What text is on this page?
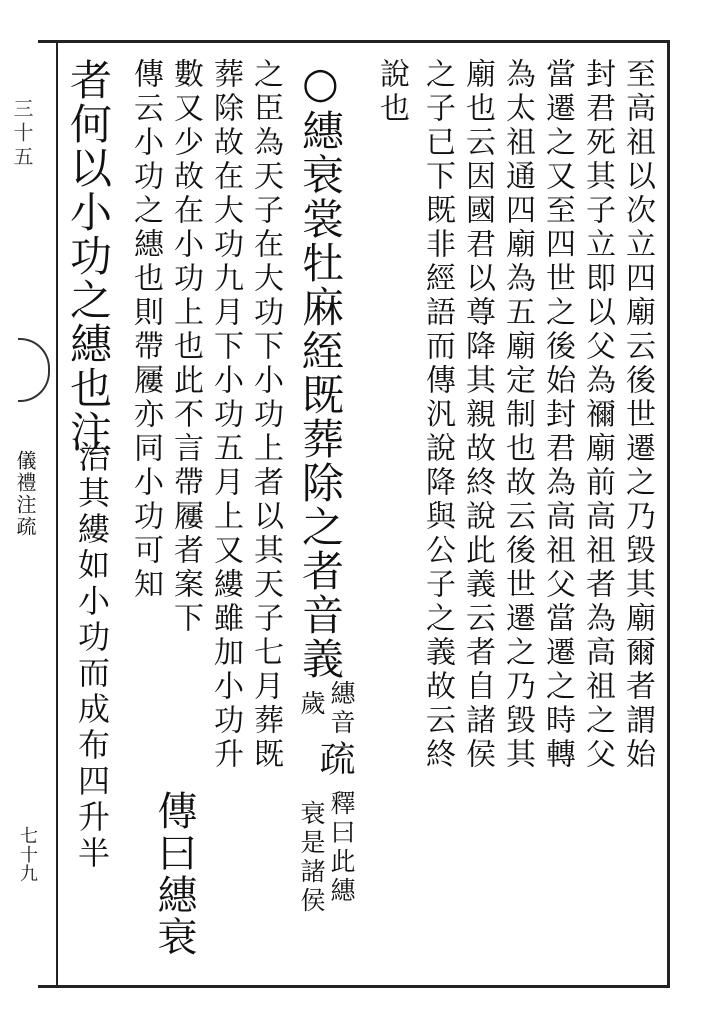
三十五
儀禮注疏
七十九
至高祖以次立四廟云後世遷之乃毀其廟爾者謂始
封君死其子立即以父為禰廟前高祖者為高祖之父
當遷之又至四世之後始封君為高祖父當遷之時轉
為太祖通四廟為五廟定制也故云後世遷之乃毀其
廟也云因國君以尊降其親故終說此義云者自諸侯
之子已下既非經語而傳汎說降與公子之義故云終
說也
○繐衰裳牡麻絰既葬除之者音義
繐音
歲
疏
釋曰此繐
衰是諸侯
之臣為天子在大功下小功上者以其天子七月葬既
葬除故在大功九月下小功五月上又縷雖加小功升
數又少故在小功上也此不言帶屨者案下
傳曰繐衰
傳云小功之繐也則帶屨亦同小功可知
者何以小功之繐也注
治其縷如小功而成布四升半
